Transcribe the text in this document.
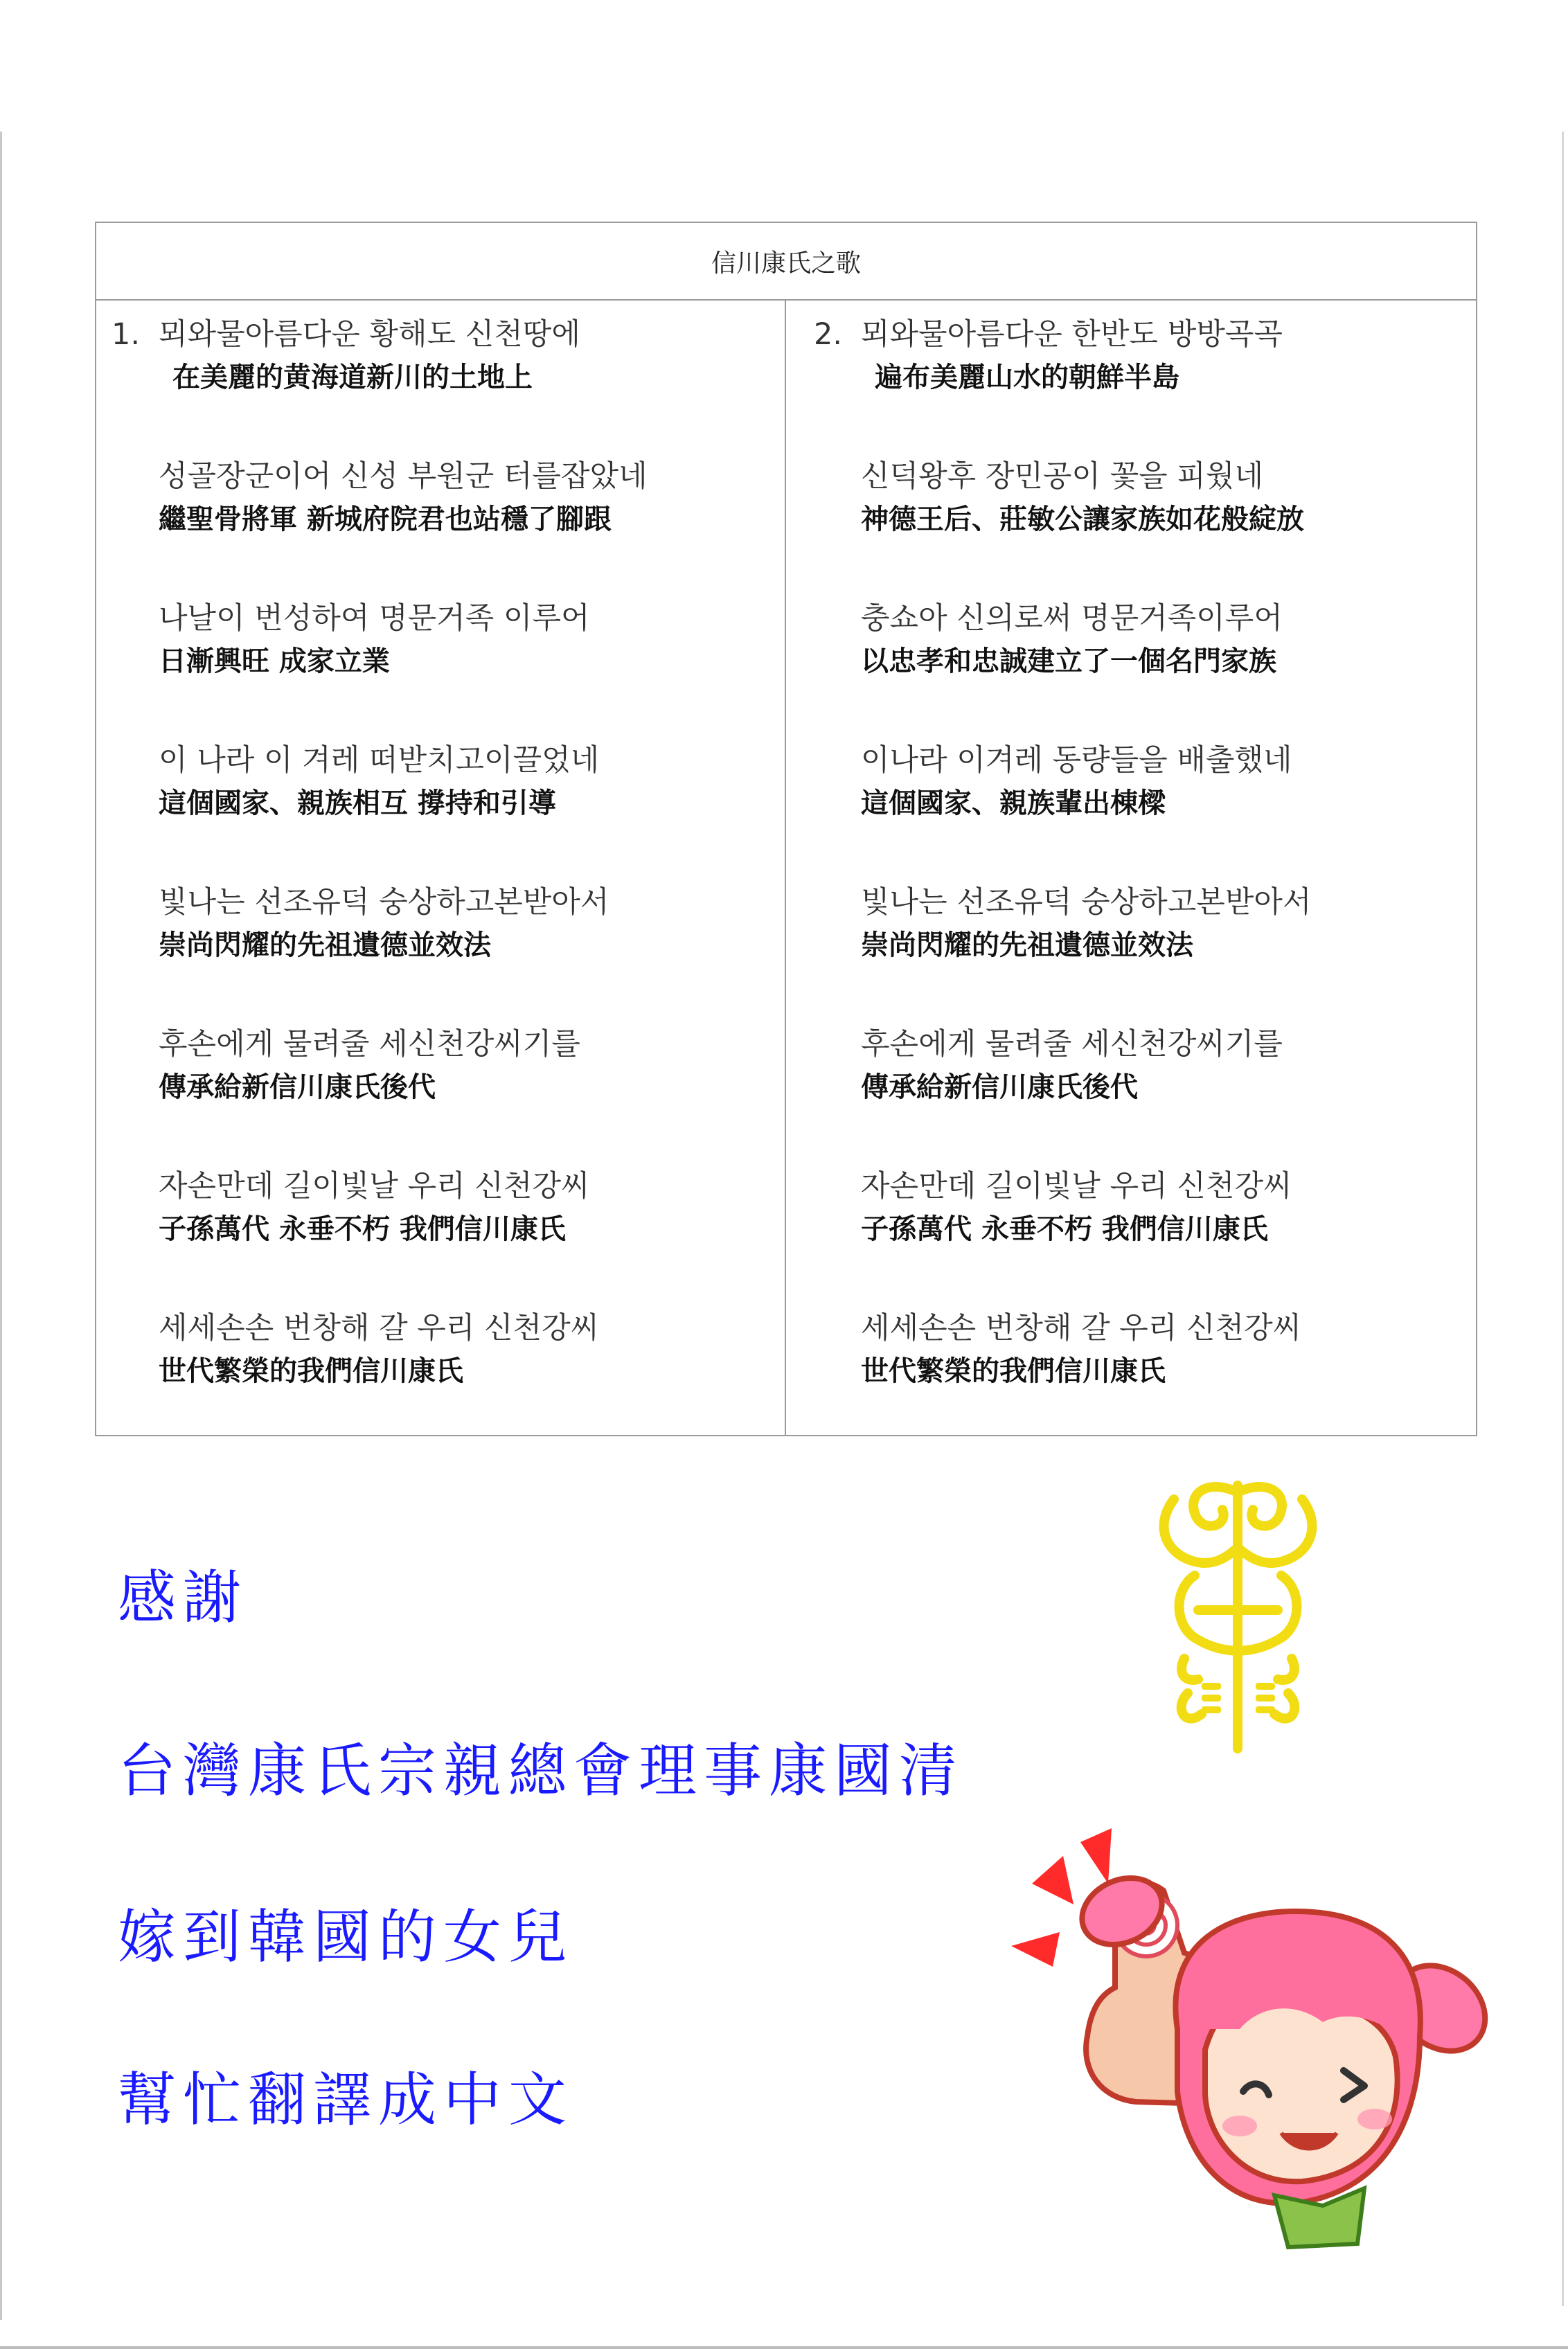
信川康氏之歌
1. 뫼와물아름다운 황해도 신천땅에
在美麗的黄海道新川的土地上
성골장군이어 신성 부원군 터를잡았네
繼聖骨將軍 新城府院君也站穩了腳跟
나날이 번성하여 명문거족 이루어
日漸興旺 成家立業
이 나라 이 겨레 떠받치고이끌었네
這個國家、親族相互 撐持和引導
빛나는 선조유덕 숭상하고본받아서
崇尚閃耀的先祖遺德並效法
후손에게 물려줄 세신천강씨기를
傳承給新信川康氏後代
자손만데 길이빛날 우리 신천강씨
子孫萬代 永垂不朽 我們信川康氏
세세손손 번창해 갈 우리 신천강씨
世代繁榮的我們信川康氏
2. 뫼와물아름다운 한반도 방방곡곡
遍布美麗山水的朝鮮半島
신덕왕후 장민공이 꽃을 피웠네
神德王后、莊敏公讓家族如花般綻放
충쇼아 신의로써 명문거족이루어
以忠孝和忠誠建立了一個名門家族
이나라 이겨레 동량들을 배출했네
這個國家、親族輩出棟樑
빛나는 선조유덕 숭상하고본받아서
崇尚閃耀的先祖遺德並效法
후손에게 물려줄 세신천강씨기를
傳承給新信川康氏後代
자손만데 길이빛날 우리 신천강씨
子孫萬代 永垂不朽 我們信川康氏
세세손손 번창해 갈 우리 신천강씨
世代繁榮的我們信川康氏
感謝
台灣康氏宗親總會理事康國清
嫁到韓國的女兒
幫忙翻譯成中文
